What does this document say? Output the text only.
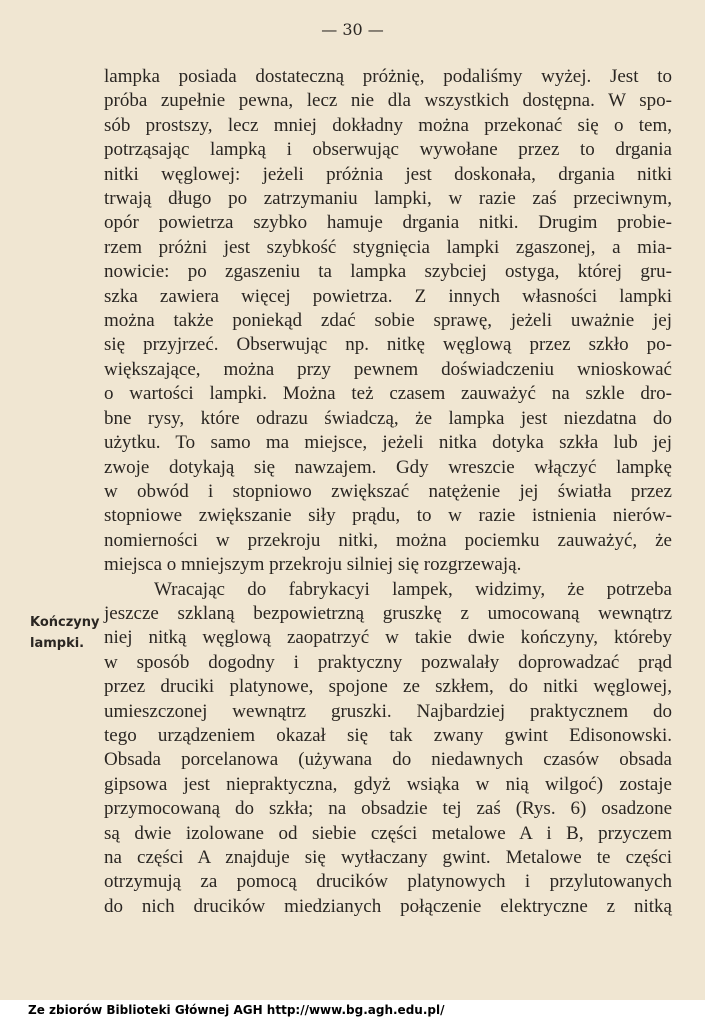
— 30 —
lampka posiada dostateczną próżnię, podaliśmy wyżej. Jest to
próba zupełnie pewna, lecz nie dla wszystkich dostępna. W spo-
sób prostszy, lecz mniej dokładny można przekonać się o tem,
potrząsając lampką i obserwując wywołane przez to drgania
nitki węglowej: jeżeli próżnia jest doskonała, drgania nitki
trwają długo po zatrzymaniu lampki, w razie zaś przeciwnym,
opór powietrza szybko hamuje drgania nitki. Drugim probie-
rzem próżni jest szybkość stygnięcia lampki zgaszonej, a mia-
nowicie: po zgaszeniu ta lampka szybciej ostyga, której gru-
szka zawiera więcej powietrza. Z innych własności lampki
można także poniekąd zdać sobie sprawę, jeżeli uważnie jej
się przyjrzeć. Obserwując np. nitkę węglową przez szkło po-
większające, można przy pewnem doświadczeniu wnioskować
o wartości lampki. Można też czasem zauważyć na szkle dro-
bne rysy, które odrazu świadczą, że lampka jest niezdatna do
użytku. To samo ma miejsce, jeżeli nitka dotyka szkła lub jej
zwoje dotykają się nawzajem. Gdy wreszcie włączyć lampkę
w obwód i stopniowo zwiększać natężenie jej światła przez
stopniowe zwiększanie siły prądu, to w razie istnienia nierów-
nomierności w przekroju nitki, można pociemku zauważyć, że
miejsca o mniejszym przekroju silniej się rozgrzewają.
Wracając do fabrykacyi lampek, widzimy, że potrzeba
jeszcze szklaną bezpowietrzną gruszkę z umocowaną wewnątrz
niej nitką węglową zaopatrzyć w takie dwie kończyny, któreby
w sposób dogodny i praktyczny pozwalały doprowadzać prąd
przez druciki platynowe, spojone ze szkłem, do nitki węglowej,
umieszczonej wewnątrz gruszki. Najbardziej praktycznem do
tego urządzeniem okazał się tak zwany gwint Edisonowski.
Obsada porcelanowa (używana do niedawnych czasów obsada
gipsowa jest niepraktyczna, gdyż wsiąka w nią wilgoć) zostaje
przymocowaną do szkła; na obsadzie tej zaś (Rys. 6) osadzone
są dwie izolowane od siebie części metalowe A i B, przyczem
na części A znajduje się wytłaczany gwint. Metalowe te części
otrzymują za pomocą drucików platynowych i przylutowanych
do nich drucików miedzianych połączenie elektryczne z nitką
Kończyny
lampki.
Ze zbiorów Biblioteki Głównej AGH http://www.bg.agh.edu.pl/
